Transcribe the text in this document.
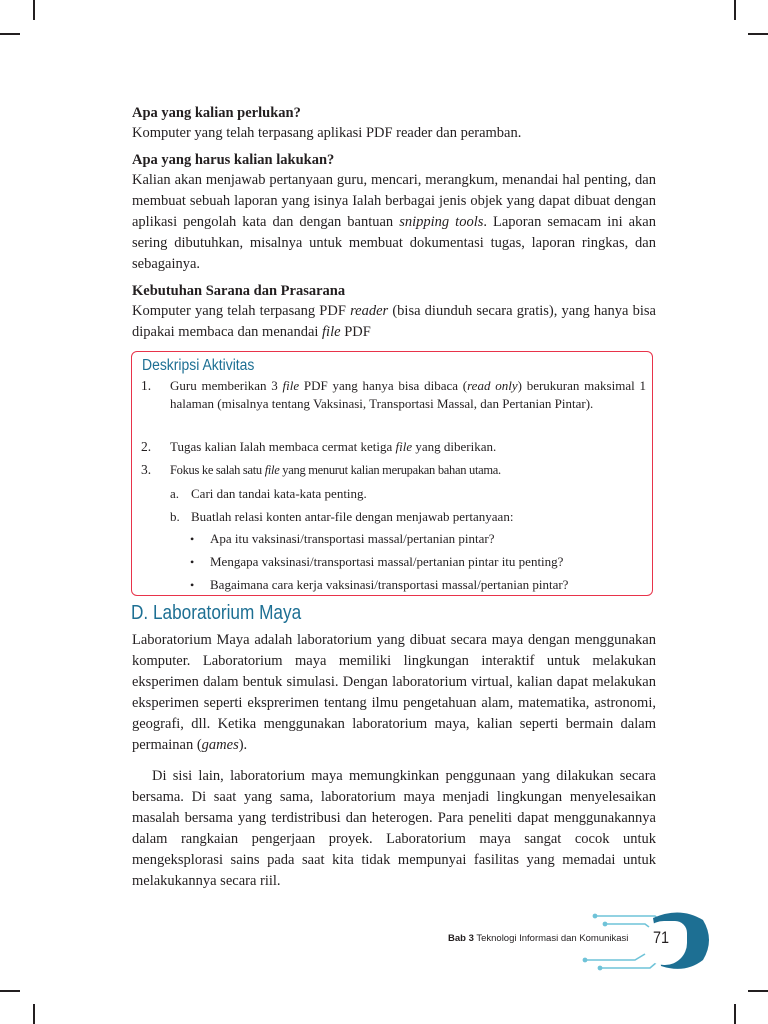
Apa yang kalian perlukan?

Komputer yang telah terpasang aplikasi PDF reader dan peramban.

Apa yang harus kalian lakukan?

Kalian akan menjawab pertanyaan guru, mencari, merangkum, menandai hal penting, dan membuat sebuah laporan yang isinya Ialah berbagai jenis objek yang dapat dibuat dengan aplikasi pengolah kata dan dengan bantuan snipping tools. Laporan semacam ini akan sering dibutuhkan, misalnya untuk membuat dokumentasi tugas, laporan ringkas, dan sebagainya.

Kebutuhan Sarana dan Prasarana

Komputer yang telah terpasang PDF reader (bisa diunduh secara gratis), yang hanya bisa dipakai membaca dan menandai file PDF

Deskripsi Aktivitas
1. Guru memberikan 3 file PDF yang hanya bisa dibaca (read only) berukuran maksimal 1 halaman (misalnya tentang Vaksinasi, Transportasi Massal, dan Pertanian Pintar).
2. Tugas kalian Ialah membaca cermat ketiga file yang diberikan.
3. Fokus ke salah satu file yang menurut kalian merupakan bahan utama.
a. Cari dan tandai kata-kata penting.
b. Buatlah relasi konten antar-file dengan menjawab pertanyaan:
• Apa itu vaksinasi/transportasi massal/pertanian pintar?
• Mengapa vaksinasi/transportasi massal/pertanian pintar itu penting?
• Bagaimana cara kerja vaksinasi/transportasi massal/pertanian pintar?
D. Laboratorium Maya

Laboratorium Maya adalah laboratorium yang dibuat secara maya dengan menggunakan komputer. Laboratorium maya memiliki lingkungan interaktif untuk melakukan eksperimen dalam bentuk simulasi. Dengan laboratorium virtual, kalian dapat melakukan eksperimen seperti eksprerimen tentang ilmu pengetahuan alam, matematika, astronomi, geografi, dll. Ketika menggunakan laboratorium maya, kalian seperti bermain dalam permainan (games).

Di sisi lain, laboratorium maya memungkinkan penggunaan yang dilakukan secara bersama. Di saat yang sama, laboratorium maya menjadi lingkungan menyelesaikan masalah bersama yang terdistribusi dan heterogen. Para peneliti dapat menggunakannya dalam rangkaian pengerjaan proyek. Laboratorium maya sangat cocok untuk mengeksplorasi sains pada saat kita tidak mempunyai fasilitas yang memadai untuk melakukannya secara riil.

Bab 3 Teknologi Informasi dan Komunikasi 71
